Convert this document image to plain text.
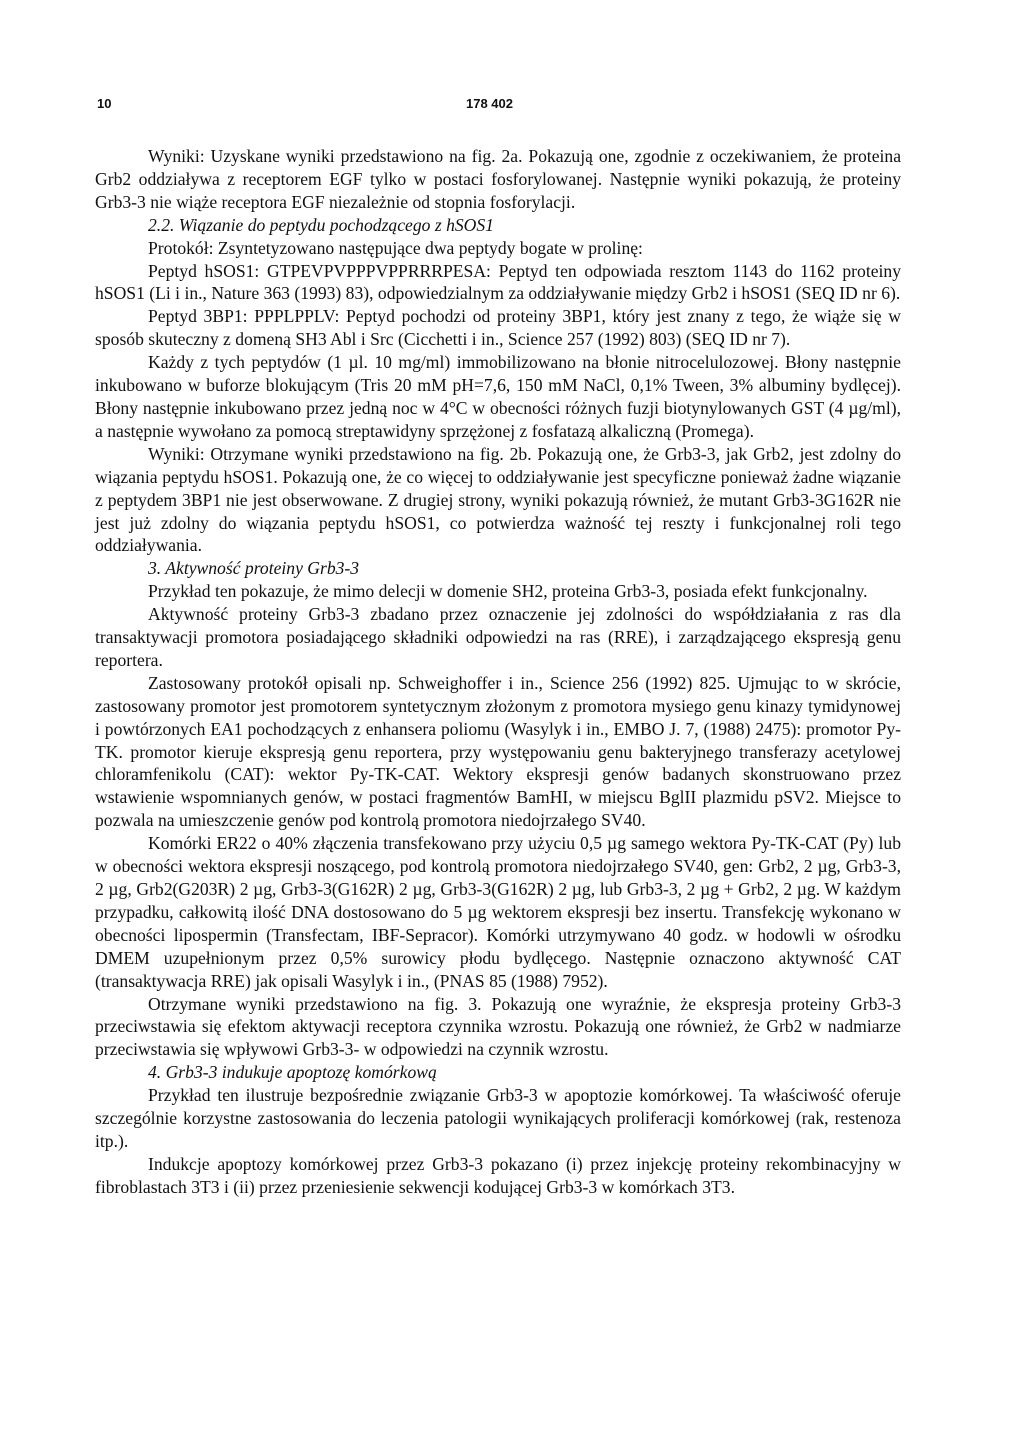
10	178 402

Wyniki: Uzyskane wyniki przedstawiono na fig. 2a. Pokazują one, zgodnie z oczekiwaniem, że proteina Grb2 oddziaływa z receptorem EGF tylko w postaci fosforylowanej. Następnie wyniki pokazują, że proteiny Grb3-3 nie wiąże receptora EGF niezależnie od stopnia fosforylacji.

2.2. Wiązanie do peptydu pochodzącego z hSOS1

Protokół: Zsyntetyzowano następujące dwa peptydy bogate w prolinę:

Peptyd hSOS1: GTPEVPVPPPVPPRRRPESA: Peptyd ten odpowiada resztom 1143 do 1162 proteiny hSOS1 (Li i in., Nature 363 (1993) 83), odpowiedzialnym za oddziaływanie między Grb2 i hSOS1 (SEQ ID nr 6).

Peptyd 3BP1: PPPLPPLV: Peptyd pochodzi od proteiny 3BP1, który jest znany z tego, że wiąże się w sposób skuteczny z domeną SH3 Abl i Src (Cicchetti i in., Science 257 (1992) 803) (SEQ ID nr 7).

Każdy z tych peptydów (1 µl. 10 mg/ml) immobilizowano na błonie nitrocelulozowej. Błony następnie inkubowano w buforze blokującym (Tris 20 mM pH=7,6, 150 mM NaCl, 0,1% Tween, 3% albuminy bydlęcej). Błony następnie inkubowano przez jedną noc w 4°C w obecności różnych fuzji biotynylowanych GST (4 µg/ml), a następnie wywołano za pomocą streptawidyny sprzężonej z fosfatazą alkaliczną (Promega).

Wyniki: Otrzymane wyniki przedstawiono na fig. 2b. Pokazują one, że Grb3-3, jak Grb2, jest zdolny do wiązania peptydu hSOS1. Pokazują one, że co więcej to oddziaływanie jest specyficzne ponieważ żadne wiązanie z peptydem 3BP1 nie jest obserwowane. Z drugiej strony, wyniki pokazują również, że mutant Grb3-3G162R nie jest już zdolny do wiązania peptydu hSOS1, co potwierdza ważność tej reszty i funkcjonalnej roli tego oddziaływania.

3. Aktywność proteiny Grb3-3

Przykład ten pokazuje, że mimo delecji w domenie SH2, proteina Grb3-3, posiada efekt funkcjonalny.

Aktywność proteiny Grb3-3 zbadano przez oznaczenie jej zdolności do współdziałania z ras dla transaktywacji promotora posiadającego składniki odpowiedzi na ras (RRE), i zarządzającego ekspresją genu reportera.

Zastosowany protokół opisali np. Schweighoffer i in., Science 256 (1992) 825. Ujmując to w skrócie, zastosowany promotor jest promotorem syntetycznym złożonym z promotora mysiego genu kinazy tymidynowej i powtórzonych EA1 pochodzących z enhansera poliomu (Wasylyk i in., EMBO J. 7, (1988) 2475): promotor Py-TK. promotor kieruje ekspresją genu reportera, przy występowaniu genu bakteryjnego transferazy acetylowej chloramfenikolu (CAT): wektor Py-TK-CAT. Wektory ekspresji genów badanych skonstruowano przez wstawienie wspomnianych genów, w postaci fragmentów BamHI, w miejscu BglII plazmidu pSV2. Miejsce to pozwala na umieszczenie genów pod kontrolą promotora niedojrzałego SV40.

Komórki ER22 o 40% złączenia transfekowano przy użyciu 0,5 µg samego wektora Py-TK-CAT (Py) lub w obecności wektora ekspresji noszącego, pod kontrolą promotora niedojrzałego SV40, gen: Grb2, 2 µg, Grb3-3, 2 µg, Grb2(G203R) 2 µg, Grb3-3(G162R) 2 µg, Grb3-3(G162R) 2 µg, lub Grb3-3, 2 µg + Grb2, 2 µg. W każdym przypadku, całkowitą ilość DNA dostosowano do 5 µg wektorem ekspresji bez insertu. Transfekcję wykonano w obecności lipospermin (Transfectam, IBF-Sepracor). Komórki utrzymywano 40 godz. w hodowli w ośrodku DMEM uzupełnionym przez 0,5% surowicy płodu bydlęcego. Następnie oznaczono aktywność CAT (transaktywacja RRE) jak opisali Wasylyk i in., (PNAS 85 (1988) 7952).

Otrzymane wyniki przedstawiono na fig. 3. Pokazują one wyraźnie, że ekspresja proteiny Grb3-3 przeciwstawia się efektom aktywacji receptora czynnika wzrostu. Pokazują one również, że Grb2 w nadmiarze przeciwstawia się wpływowi Grb3-3- w odpowiedzi na czynnik wzrostu.

4. Grb3-3 indukuje apoptozę komórkową

Przykład ten ilustruje bezpośrednie związanie Grb3-3 w apoptozie komórkowej. Ta właściwość oferuje szczególnie korzystne zastosowania do leczenia patologii wynikających proliferacji komórkowej (rak, restenoza itp.).

Indukcje apoptozy komórkowej przez Grb3-3 pokazano (i) przez injekcję proteiny rekombinacyjny w fibroblastach 3T3 i (ii) przez przeniesienie sekwencji kodującej Grb3-3 w komórkach 3T3.
